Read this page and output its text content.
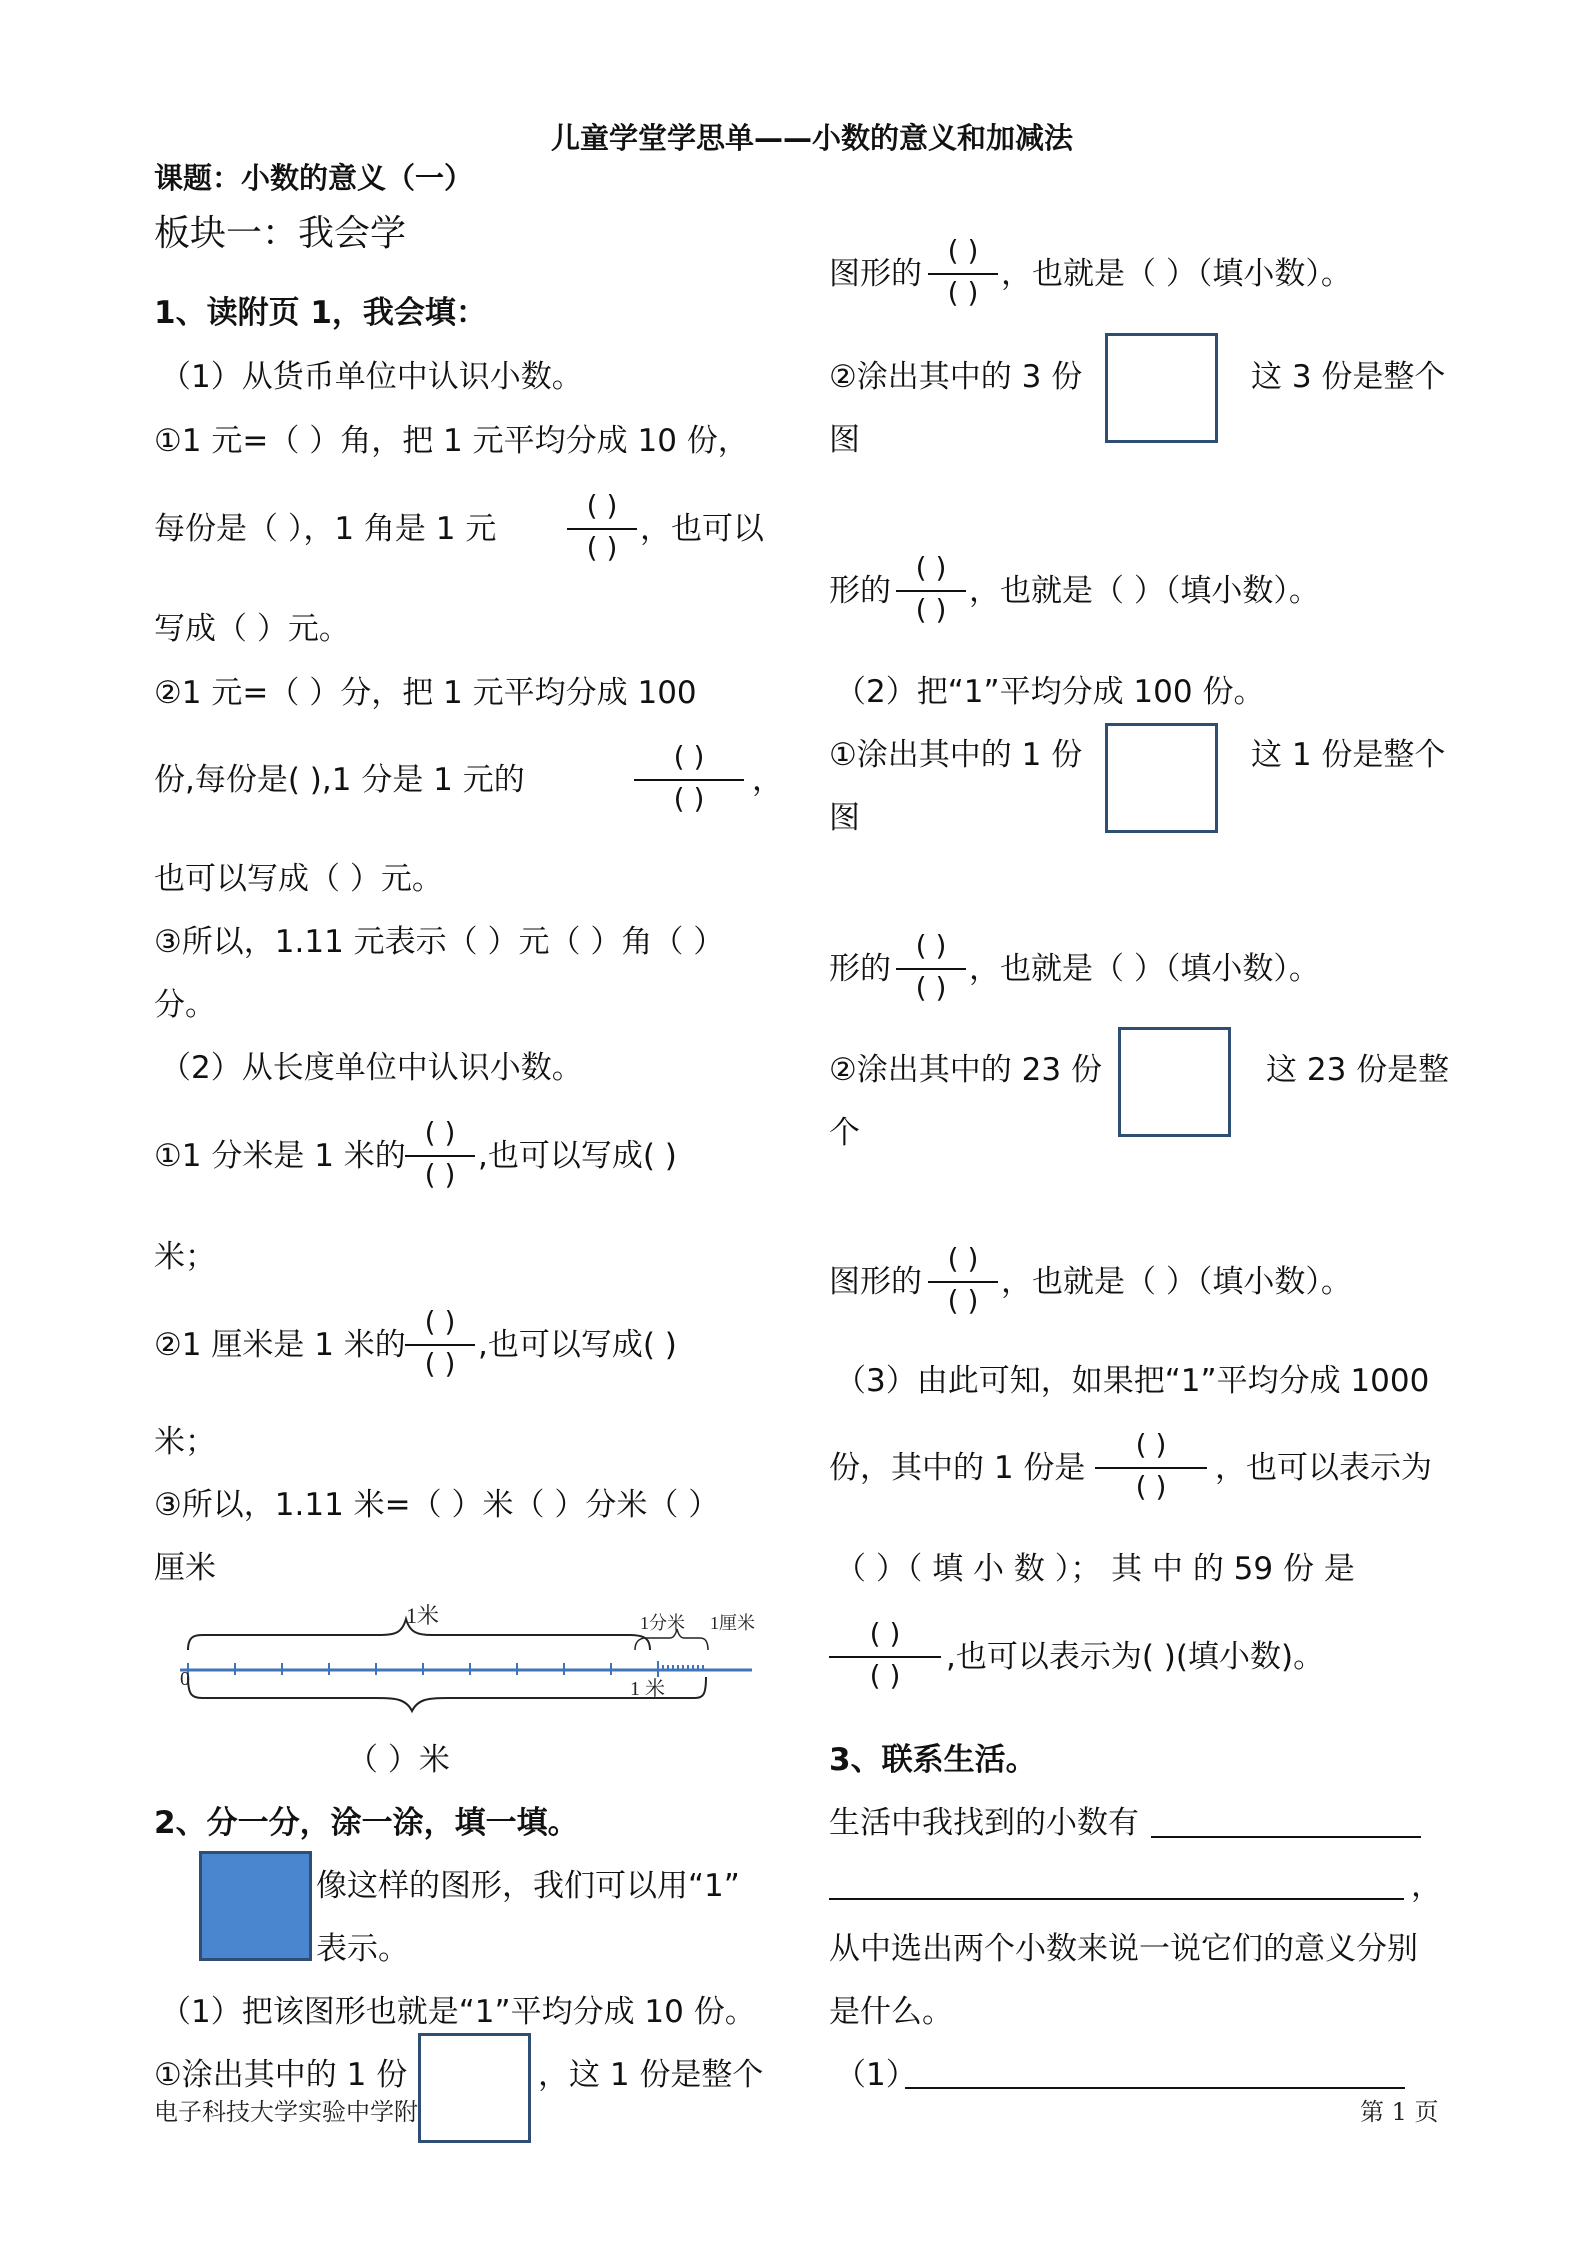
儿童学堂学思单——小数的意义和加减法
课题：小数的意义（一）
板块一：我会学
1、读附页 1，我会填：
（1）从货币单位中认识小数。
①1 元=（ ）角，把 1 元平均分成 10 份，
每份是（ ），1 角是 1 元
( )
( )
，也可以
写成（ ）元。
②1 元=（ ）分，把 1 元平均分成 100
份,每份是( ),1 分是 1 元的
( )
( )
，
也可以写成（ ）元。
③所以，1.11 元表示（ ）元（ ）角（ ）
分。
（2）从长度单位中认识小数。
①1 分米是 1 米的
( )
( )
,也可以写成( )
米；
②1 厘米是 1 米的
( )
( )
,也可以写成( )
米；
③所以，1.11 米=（ ）米（ ）分米（ ）
厘米
1米	1分米 1厘米
0	1 米
（ ）米
2、分一分，涂一涂，填一填。
像这样的图形，我们可以用“1”
表示。
（1）把该图形也就是“1”平均分成 10 份。
①涂出其中的 1 份	，这 1 份是整个
图形的
( )
( )
，也就是（ ）（填小数）。
②涂出其中的 3 份	这 3 份是整个
图
形的
( )
( )
，也就是（ ）（填小数）。
（2）把“1”平均分成 100 份。
①涂出其中的 1 份	这 1 份是整个
图
形的
( )
( )
，也就是（ ）（填小数）。
②涂出其中的 23 份	这 23 份是整
个
图形的
( )
( )
，也就是（ ）（填小数）。
（3）由此可知，如果把“1”平均分成 1000
份，其中的 1 份是
( )
( )
，也可以表示为
（ ）（ 填 小 数 ）； 其 中 的 59 份 是
( )
( )
,也可以表示为( )(填小数)。
3、联系生活。
生活中我找到的小数有
，
从中选出两个小数来说一说它们的意义分别
是什么。
（1）
电子科技大学实验中学附	第 1 页
